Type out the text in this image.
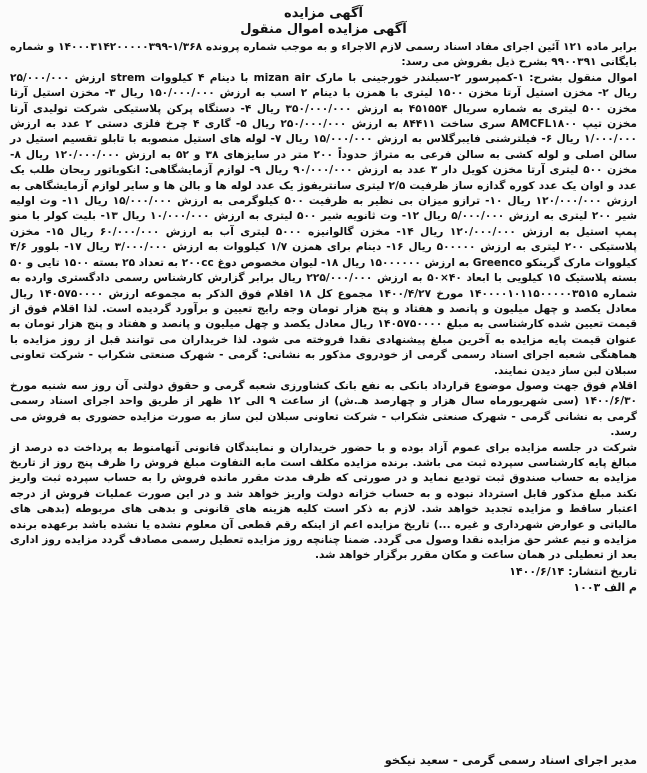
آگهی مزایده

آگهی مزایده اموال منقول

برابر ماده ۱۲۱ آئین اجرای مفاد اسناد رسمی لازم الاجراء و به موجب شماره پرونده ۱/۳۶۸-۱۴۰۰۰۳۱۴۲۰۰۰۰۰۳۹۹ و شماره بایگانی ۹۹۰۰۳۹۱ بشرح ذیل بفروش می رسد:

اموال منقول بشرح: ۱-کمپرسور ۲-سیلندر خورجینی با مارک mizan air با دینام ۴ کیلووات strem ارزش ۲۵/۰۰۰/۰۰۰ ریال ۲- مخزن استیل آرتا مخزن ۱۵۰۰ لیتری با همزن با دینام ۲ اسب به ارزش ۱۵۰/۰۰۰/۰۰۰ ریال ۳- مخزن استیل آرتا مخزن ۵۰۰ لیتری به شماره سریال ۴۵۱۵۵۴ به ارزش ۳۵۰/۰۰۰/۰۰۰ ریال ۴- دستگاه پرکن پلاستیکی شرکت تولیدی آرتا مخزن تیپ AMCFL۱۸۰۰ سری ساخت ۸۴۴۱۱ به ارزش ۲۵۰/۰۰۰/۰۰۰ ریال ۵- گاری ۴ چرخ فلزی دستی ۲ عدد به ارزش ۱/۰۰۰/۰۰۰ ریال ۶- فیلترشنی فایبرگلاس به ارزش ۱۵/۰۰۰/۰۰۰ ریال ۷- لوله های استیل منصوبه با تابلو تقسیم استیل در سالن اصلی و لوله کشی به سالن فرعی به متراژ حدوداً ۲۰۰ متر در سایزهای ۳۸ و ۵۲ به ارزش ۱۲۰/۰۰۰/۰۰۰ ریال ۸- مخزن ۵۰۰ لیتری آرتا مخزن کویل دار ۳ عدد به ارزش ۹۰/۰۰۰/۰۰۰ ریال ۹- لوازم آزمایشگاهی: انکوباتور ریحان طلب یک عدد و اوان یک عدد کوره گدازه ساز ظرفیت ۲/۵ لیتری سانتریفوژ یک عدد لوله ها و بالن ها و سایر لوازم آزمایشگاهی به ارزش ۱۲۰/۰۰۰/۰۰۰ ریال ۱۰- ترازو میزان بی نظیر به ظرفیت ۵۰۰ کیلوگرمی به ارزش ۱۵/۰۰۰/۰۰۰ ریال ۱۱- وت اولیه شیر ۲۰۰ لیتری به ارزش ۵/۰۰۰/۰۰۰ ریال ۱۲- وت ثانویه شیر ۵۰۰ لیتری به ارزش ۱۰/۰۰۰/۰۰۰ ریال ۱۳- بلیت کولر با منو پمپ استیل به ارزش ۱۲۰/۰۰۰/۰۰۰ ریال ۱۴- مخزن گالوانیزه ۵۰۰۰ لیتری آب به ارزش ۶۰/۰۰۰/۰۰۰ ریال ۱۵- مخزن پلاستیکی ۲۰۰ لیتری به ارزش ۵۰۰۰۰۰ ریال ۱۶- دینام برای همزن ۱/۷ کیلووات به ارزش ۳/۰۰۰/۰۰۰ ریال ۱۷- بلوور ۴/۶ کیلووات مارک گرینکو Greenco به ارزش ۱۵۰۰۰۰۰۰ ریال ۱۸- لیوان مخصوص دوغ ۲۰۰cc به تعداد ۲۵ بسته ۱۵۰۰ تایی و ۵۰ بسته پلاستیک ۱۵ کیلویی با ابعاد ۴۰×۵۰ به ارزش ۲۲۵/۰۰۰/۰۰۰ ریال برابر گزارش کارشناس رسمی دادگستری وارده به شماره ۱۴۰۰۰۰۱۰۱۱۵۰۰۰۰۰۳۵۱۵ مورخ ۱۴۰۰/۴/۲۷ مجموع کل ۱۸ اقلام فوق الذکر به مجموعه ارزش ۱۴۰۵۷۵۰۰۰۰ ریال معادل یکصد و چهل میلیون و پانصد و هفتاد و پنج هزار تومان وجه رایج تعیین و برآورد گردیده است. لذا اقلام فوق از قیمت تعیین شده کارشناسی به مبلغ ۱۴۰۵۷۵۰۰۰۰ ریال معادل یکصد و چهل میلیون و پانصد و هفتاد و پنج هزار تومان به عنوان قیمت پایه مزایده به آخرین مبلغ پیشنهادی نقدا فروخته می شود. لذا خریداران می توانند قبل از روز مزایده با هماهنگی شعبه اجرای اسناد رسمی گرمی از خودروی مذکور به نشانی: گرمی - شهرک صنعتی شکراب - شرکت تعاونی سبلان لبن ساز دیدن نمایند.

اقلام فوق جهت وصول موضوع قرارداد بانکی به نفع بانک کشاورزی شعبه گرمی و حقوق دولتی آن روز سه شنبه مورخ ۱۴۰۰/۶/۳۰ (سی شهریورماه سال هزار و چهارصد هـ.ش) از ساعت ۹ الی ۱۲ ظهر از طریق واحد اجرای اسناد رسمی گرمی به نشانی گرمی - شهرک صنعتی شکراب - شرکت تعاونی سبلان لبن ساز به صورت مزایده حضوری به فروش می رسد.

شرکت در جلسه مزایده برای عموم آزاد بوده و با حضور خریداران و نمایندگان قانونی آنهامنوط به پرداخت ده درصد از مبالغ پایه کارشناسی سپرده ثبت می باشد. برنده مزایده مکلف است مابه التفاوت مبلغ فروش را ظرف پنج روز از تاریخ مزایده به حساب صندوق ثبت تودیع نماید و در صورتی که ظرف مدت مقرر مانده فروش را به حساب سپرده ثبت واریز نکند مبلغ مذکور قابل استرداد نبوده و به حساب خزانه دولت واریز خواهد شد و در این صورت عملیات فروش از درجه اعتبار ساقط و مزایده تجدید خواهد شد. لازم به ذکر است کلیه هزینه های قانونی و بدهی های مربوطه (بدهی های مالیاتی و عوارض شهرداری و غیره ...) تاریخ مزایده اعم از اینکه رقم قطعی آن معلوم نشده یا نشده باشد برعهده برنده مزایده و نیم عشر حق مزایده نقدا وصول می گردد. ضمنا چنانچه روز مزایده تعطیل رسمی مصادف گردد مزایده روز اداری بعد از تعطیلی در همان ساعت و مکان مقرر برگزار خواهد شد.

تاریخ انتشار: ۱۴۰۰/۶/۱۴

م الف ۱۰۰۳

مدیر اجرای اسناد رسمی گرمی - سعید نیکخو
